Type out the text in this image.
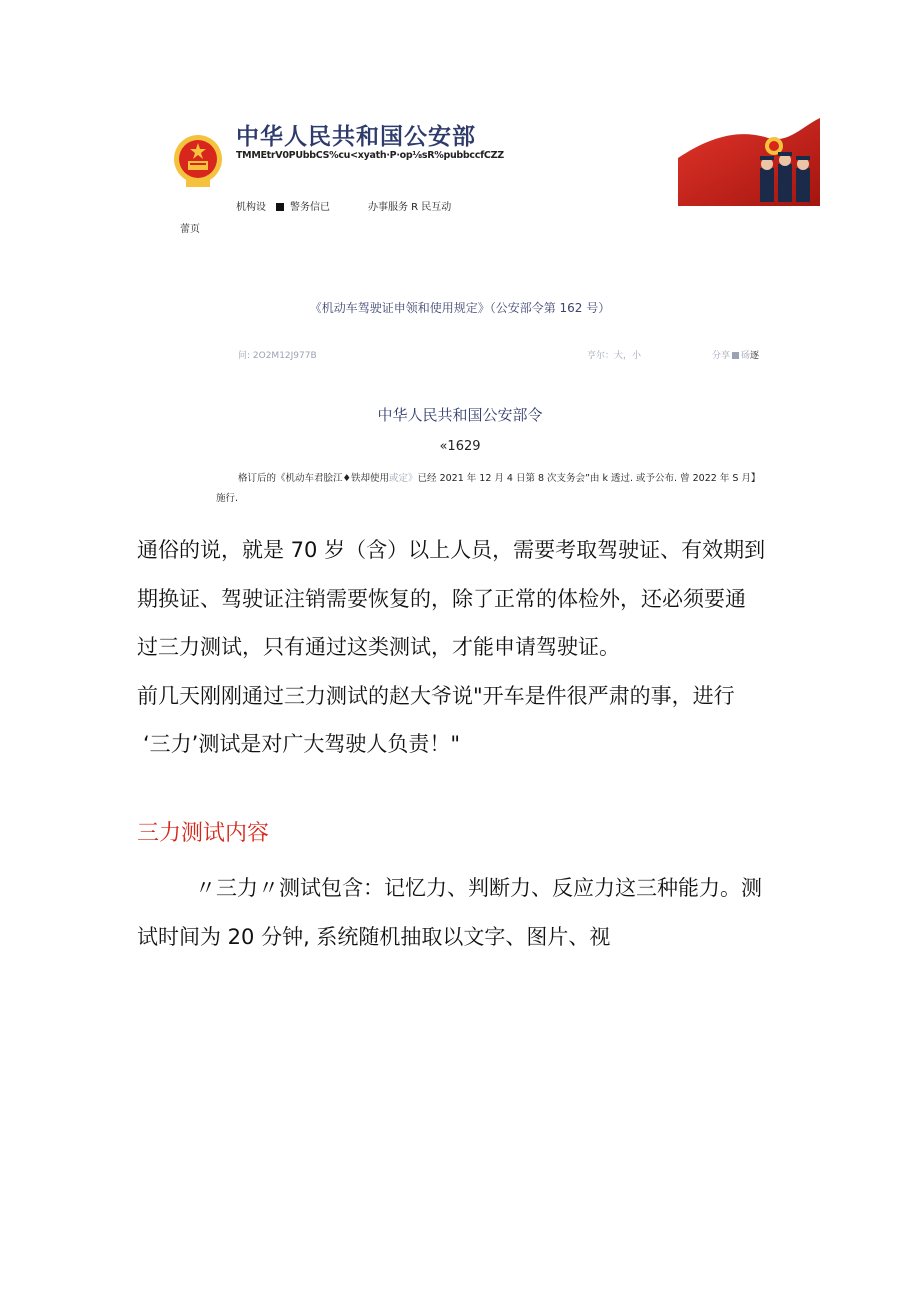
中华人民共和国公安部
TMMEtrV0PUbbCS%cu<xyath·P·op⅛sR%pubbccfCZZ
机构设 警务信已	办事服务 R 民互动
蕾页
《机动车驾驶证申领和使用规定》（公安部令第 162 号）
问: 2O2M12J977B	亨尔：大，小	分享 砀逐
中华人民共和国公安部令
«1629
格订后的《机动车君脍江♦铁却使用或定》已经 2021 年 12 月 4 日第 8 次支务会”由 k 透过. 或予公布. 曾 2022 年 S 月】
施行.

通俗的说，就是 70 岁（含）以上人员，需要考取驾驶证、有效期到

期换证、驾驶证注销需要恢复的，除了正常的体检外，还必须要通

过三力测试，只有通过这类测试，才能申请驾驶证。

前几天刚刚通过三力测试的赵大爷说"开车是件很严肃的事，进行

‘三力’测试是对广大驾驶人负责！"

三力测试内容

〃三力〃测试包含：记忆力、判断力、反应力这三种能力。测

试时间为 20 分钟, 系统随机抽取以文字、图片、视
